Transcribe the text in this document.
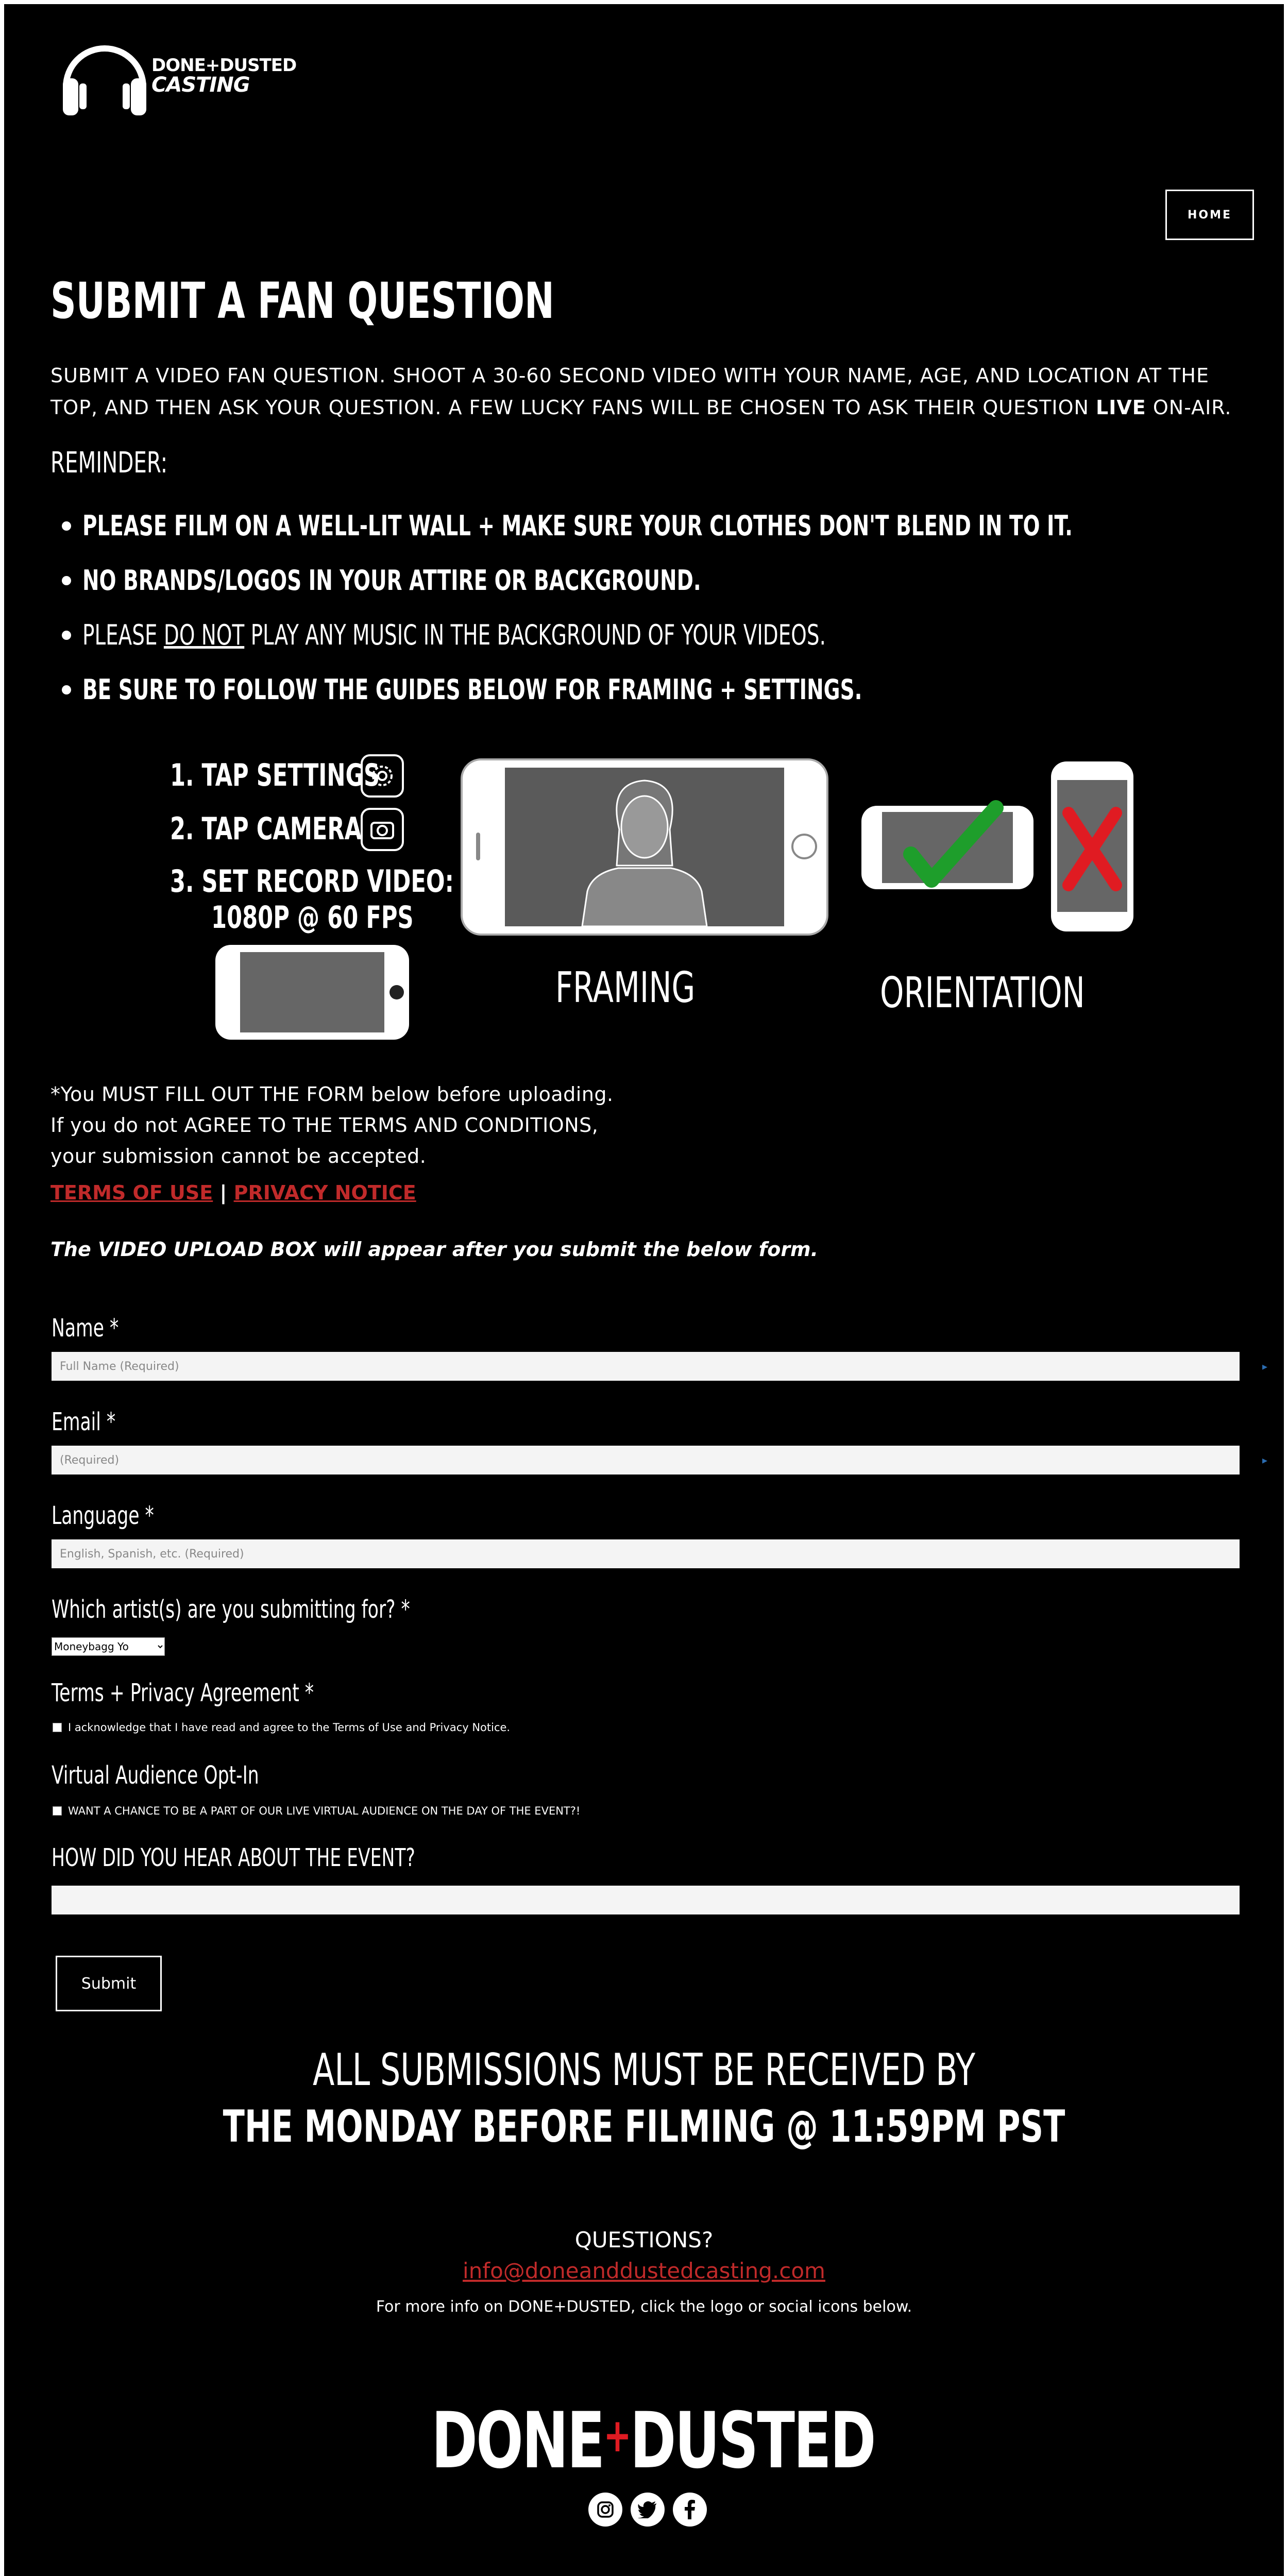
DONE+DUSTED
CASTING
HOME
SUBMIT A FAN QUESTION
SUBMIT A VIDEO FAN QUESTION. SHOOT A 30-60 SECOND VIDEO WITH YOUR NAME, AGE, AND LOCATION AT THE TOP, AND THEN ASK YOUR QUESTION. A FEW LUCKY FANS WILL BE CHOSEN TO ASK THEIR QUESTION LIVE ON-AIR.
REMINDER:
PLEASE FILM ON A WELL-LIT WALL + MAKE SURE YOUR CLOTHES DON'T BLEND IN TO IT.
NO BRANDS/LOGOS IN YOUR ATTIRE OR BACKGROUND.
PLEASE DO NOT PLAY ANY MUSIC IN THE BACKGROUND OF YOUR VIDEOS.
BE SURE TO FOLLOW THE GUIDES BELOW FOR FRAMING + SETTINGS.
1. TAP SETTINGS
2. TAP CAMERA
3. SET RECORD VIDEO:
1080P @ 60 FPS
FRAMING	ORIENTATION
*You MUST FILL OUT THE FORM below before uploading.
If you do not AGREE TO THE TERMS AND CONDITIONS,
your submission cannot be accepted.
TERMS OF USE | PRIVACY NOTICE
The VIDEO UPLOAD BOX will appear after you submit the below form.
Name *
Full Name (Required)
▸
Email *
(Required)
▸
Language *
English, Spanish, etc. (Required)
Which artist(s) are you submitting for? *
Moneybagg Yo
Terms + Privacy Agreement *
I acknowledge that I have read and agree to the Terms of Use and Privacy Notice.
Virtual Audience Opt-In
WANT A CHANCE TO BE A PART OF OUR LIVE VIRTUAL AUDIENCE ON THE DAY OF THE EVENT?!
HOW DID YOU HEAR ABOUT THE EVENT?
Submit
ALL SUBMISSIONS MUST BE RECEIVED BY
THE MONDAY BEFORE FILMING @ 11:59PM PST
QUESTIONS?
info@doneanddustedcasting.com
For more info on DONE+DUSTED, click the logo or social icons below.
DONE+DUSTED
